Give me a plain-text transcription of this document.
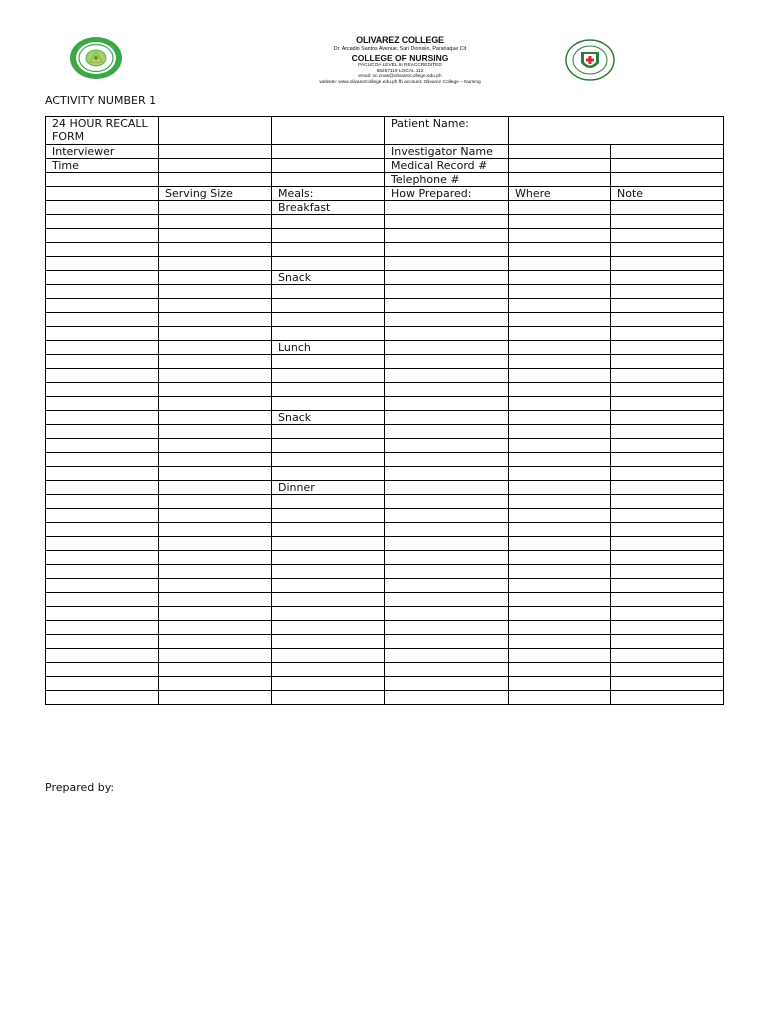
OLIVAREZ COLLEGE
Dr. Arcadio Santos Avenue, San Dionisio, Paranaque Cit
COLLEGE OF NURSING
PACUCOA LEVEL III REACCREDITED
88257119 LOCAL 112
email: oc.cnas@olivarezcollege.edu.ph
website: www.olivarezcollege.edu.ph fb account: Olivarez College – Nursing
ACTIVITY NUMBER 1
24 HOUR RECALL FORM			Patient Name:		
Interviewer			Investigator Name		
Time			Medical Record #		
			Telephone #		
	Serving Size	Meals:	How Prepared:	Where	Note
		Breakfast			

		Snack			

		Lunch			

		Snack			

		Dinner			

Prepared by:
